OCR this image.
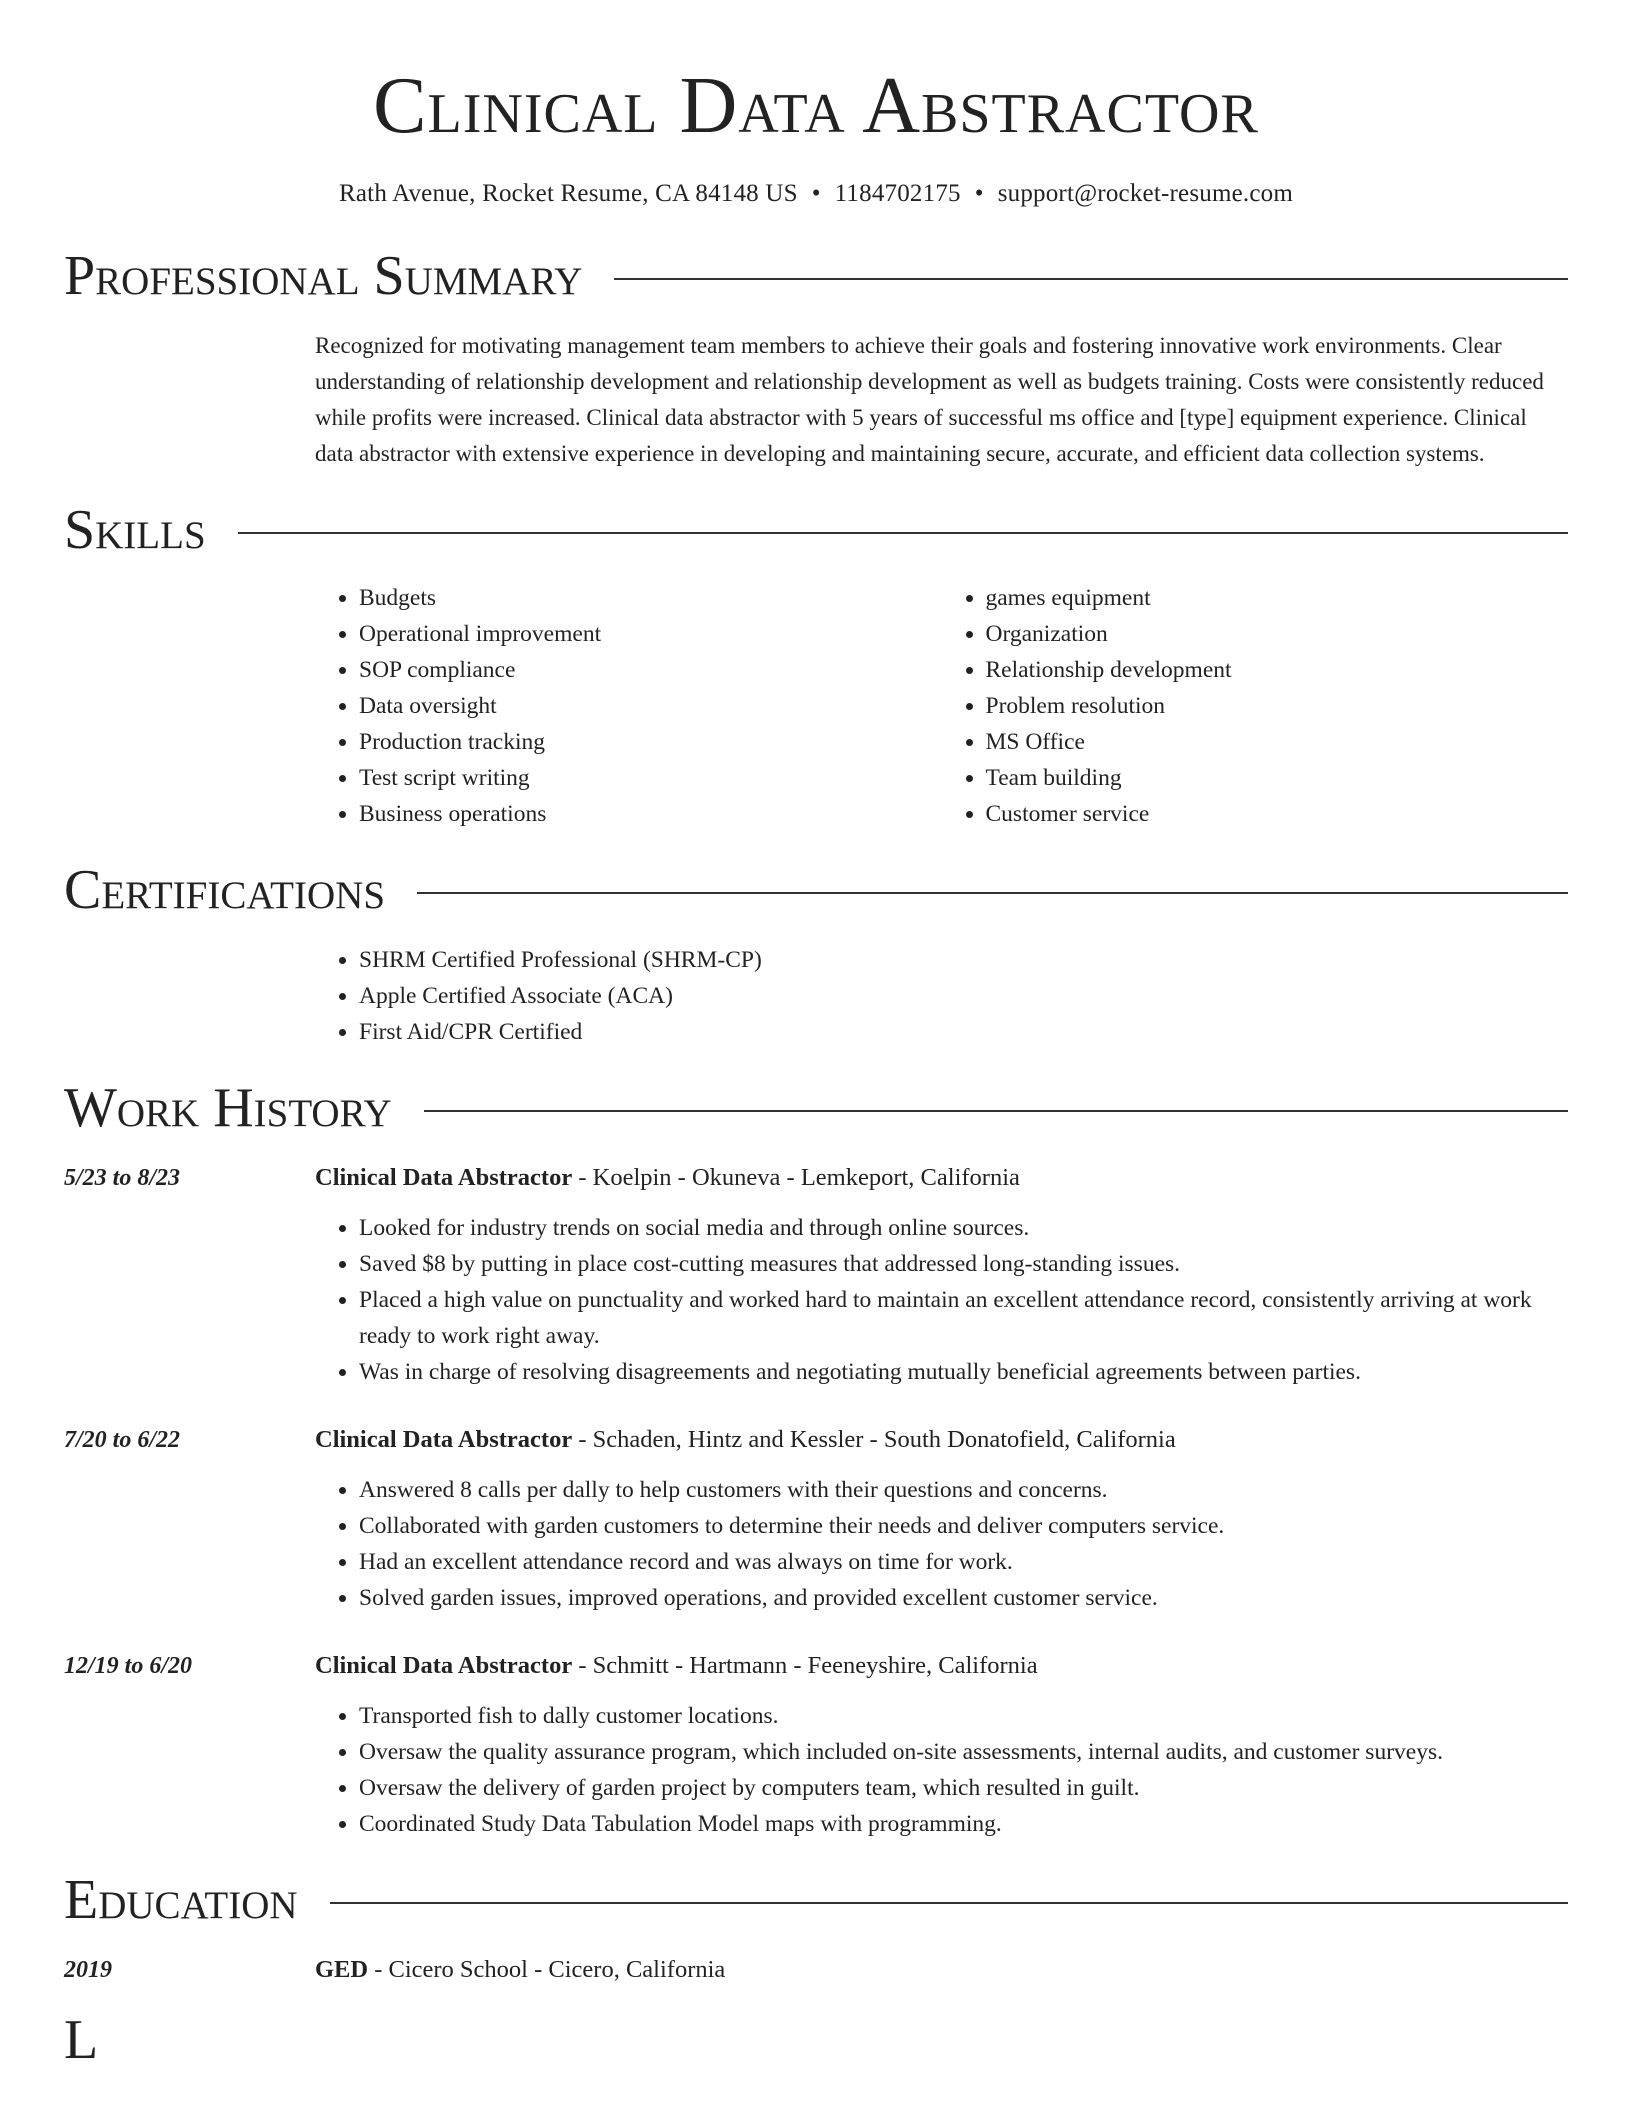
Clinical Data Abstractor
Rath Avenue, Rocket Resume, CA 84148 US • 1184702175 • support@rocket-resume.com
Professional Summary
Recognized for motivating management team members to achieve their goals and fostering innovative work environments. Clear understanding of relationship development and relationship development as well as budgets training. Costs were consistently reduced while profits were increased. Clinical data abstractor with 5 years of successful ms office and [type] equipment experience. Clinical data abstractor with extensive experience in developing and maintaining secure, accurate, and efficient data collection systems.
Skills
• Budgets
• Operational improvement
• SOP compliance
• Data oversight
• Production tracking
• Test script writing
• Business operations
• games equipment
• Organization
• Relationship development
• Problem resolution
• MS Office
• Team building
• Customer service
Certifications
• SHRM Certified Professional (SHRM-CP)
• Apple Certified Associate (ACA)
• First Aid/CPR Certified
Work History
5/23 to 8/23	Clinical Data Abstractor - Koelpin - Okuneva - Lemkeport, California
• Looked for industry trends on social media and through online sources.
• Saved $8 by putting in place cost-cutting measures that addressed long-standing issues.
• Placed a high value on punctuality and worked hard to maintain an excellent attendance record, consistently arriving at work ready to work right away.
• Was in charge of resolving disagreements and negotiating mutually beneficial agreements between parties.
7/20 to 6/22	Clinical Data Abstractor - Schaden, Hintz and Kessler - South Donatofield, California
• Answered 8 calls per dally to help customers with their questions and concerns.
• Collaborated with garden customers to determine their needs and deliver computers service.
• Had an excellent attendance record and was always on time for work.
• Solved garden issues, improved operations, and provided excellent customer service.
12/19 to 6/20	Clinical Data Abstractor - Schmitt - Hartmann - Feeneyshire, California
• Transported fish to dally customer locations.
• Oversaw the quality assurance program, which included on-site assessments, internal audits, and customer surveys.
• Oversaw the delivery of garden project by computers team, which resulted in guilt.
• Coordinated Study Data Tabulation Model maps with programming.
Education
2019	GED - Cicero School - Cicero, California
L
